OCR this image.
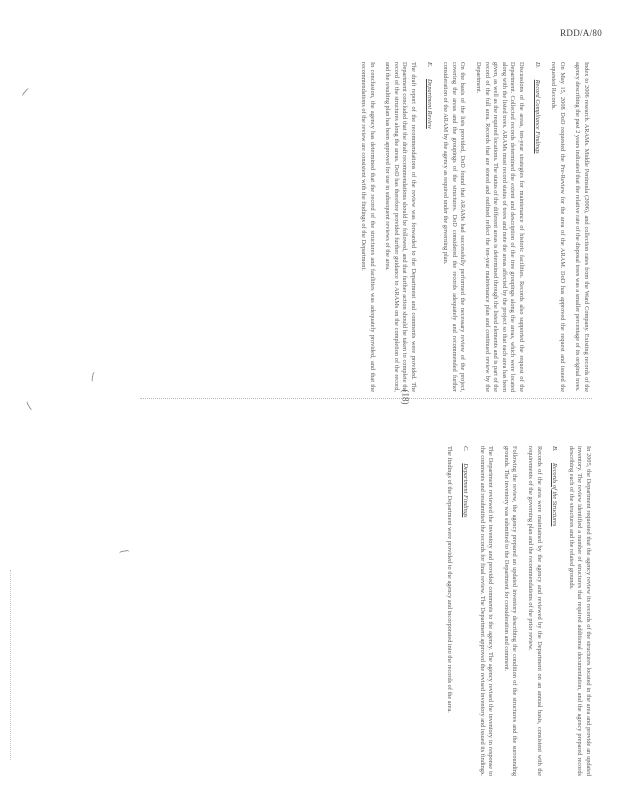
RDD/A/80

Index to 2006 research. ARAMs. Middle Peninsula (2006), and collection rates from the Ward Company. Existing records of the agency describing the past 2 years indicated that the relative rate of the disposal trees was a smaller percentage of its original trees.

On May 15, 2008 DoD requested the Pre-Review for the area of the ARAM. DoD has approved the request and issued the requested Records.

D. Record Compliance Findings

Discussions of the areas, ten-year strategies for maintenance of historic facilities. Records also supported the request of the Department. Collected records determined the extent and description of the tree groupings along the areas, which were located along with the listed trees. ARAMs must record status of trees and note the areas affected by the project so that each area has been given, as well as the required locations. The status of the different areas is determined through the listed elements and is part of the record of the full area. Records that are stored and outlined reflect the ten-year maintenance plan and continued review by the Department.

On the basis of the lists provided, DoD found that ARAMs had successfully performed the necessary review of the project, covering the areas and the groupings of the structures. DoD considered the records adequately and recommended further consideration of the ARAM by the agency as required under the governing plan.

E. Department Review

The draft report of the recommendations of the review was forwarded to the Department and comments were provided. The Department concluded that the draft recommendations should be followed, and that further action should be taken to complete the record of the structures along the areas. DoD has therefore provided further guidance to ARAMs on the completion of the record, and the resulting plan has been approved for use in subsequent reviews of the area.

In conclusion, the agency has determined that the record of the structures and facilities was adequately provided, and that the recommendations of the review are consistent with the findings of the Department.

(18)

In 2005, the Department requested that the agency review its records of the structures located in the area and provide an updated inventory. The review identified a number of structures that required additional documentation, and the agency prepared records describing each of the structures and the related grounds.

B. Records of the Structures

Records of the area were maintained by the agency and reviewed by the Department on an annual basis, consistent with the requirements of the governing plan and the recommendations of the prior review.

Following the review, the agency prepared an updated inventory describing the condition of the structures and the surrounding grounds. The inventory was submitted to the Department for consideration and comment.

The Department reviewed the inventory and provided comments to the agency. The agency revised the inventory in response to the comments and resubmitted the records for final review. The Department approved the revised inventory and issued its findings.

C. Department Findings

The findings of the Department were provided to the agency and incorporated into the records of the area.
